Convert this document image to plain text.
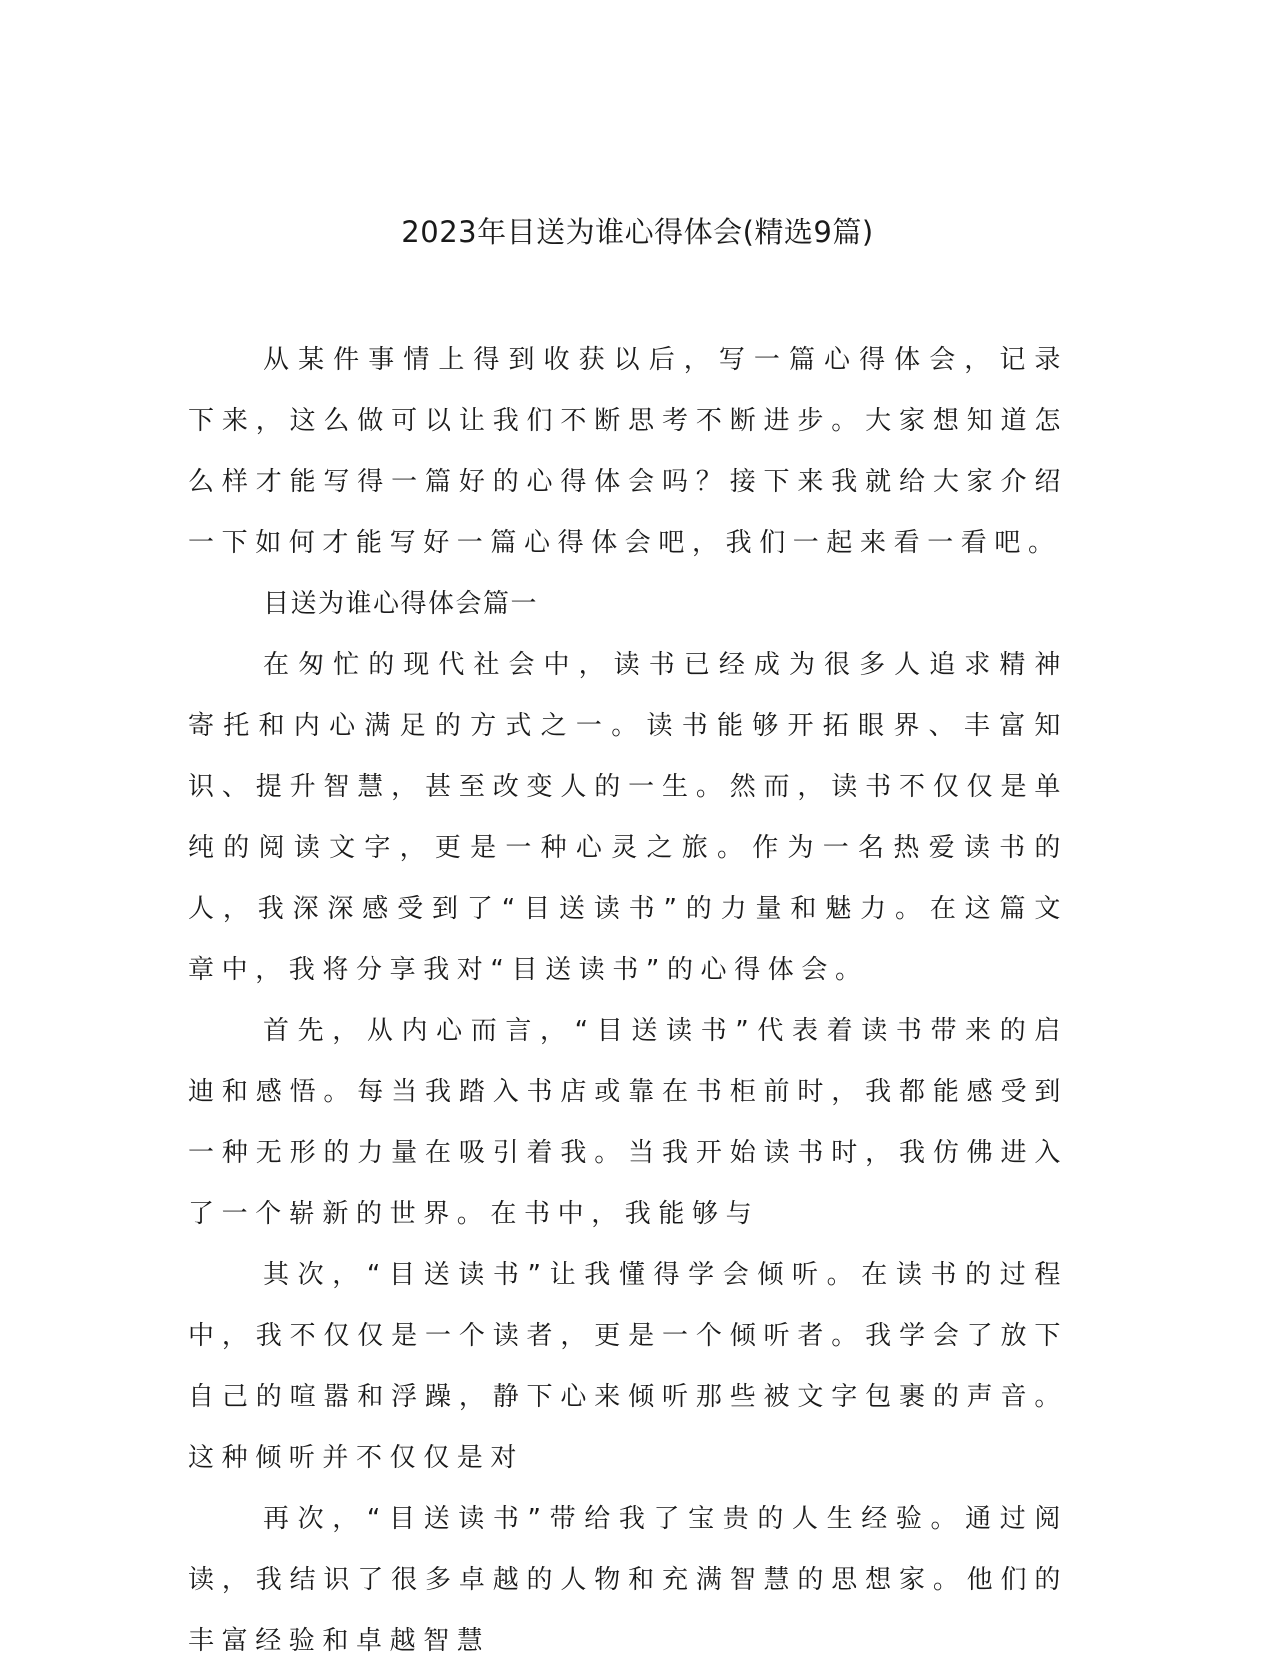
2023年目送为谁心得体会(精选9篇)

从某件事情上得到收获以后，写一篇心得体会，记录下来，这么做可以让我们不断思考不断进步。大家想知道怎么样才能写得一篇好的心得体会吗？接下来我就给大家介绍一下如何才能写好一篇心得体会吧，我们一起来看一看吧。

目送为谁心得体会篇一

在匆忙的现代社会中，读书已经成为很多人追求精神寄托和内心满足的方式之一。读书能够开拓眼界、丰富知识、提升智慧，甚至改变人的一生。然而，读书不仅仅是单纯的阅读文字，更是一种心灵之旅。作为一名热爱读书的人，我深深感受到了“目送读书”的力量和魅力。在这篇文章中，我将分享我对“目送读书”的心得体会。

首先，从内心而言，“目送读书”代表着读书带来的启迪和感悟。每当我踏入书店或靠在书柜前时，我都能感受到一种无形的力量在吸引着我。当我开始读书时，我仿佛进入了一个崭新的世界。在书中，我能够与

其次，“目送读书”让我懂得学会倾听。在读书的过程中，我不仅仅是一个读者，更是一个倾听者。我学会了放下自己的喧嚣和浮躁，静下心来倾听那些被文字包裹的声音。这种倾听并不仅仅是对

再次，“目送读书”带给我了宝贵的人生经验。通过阅读，我结识了很多卓越的人物和充满智慧的思想家。他们的丰富经验和卓越智慧
